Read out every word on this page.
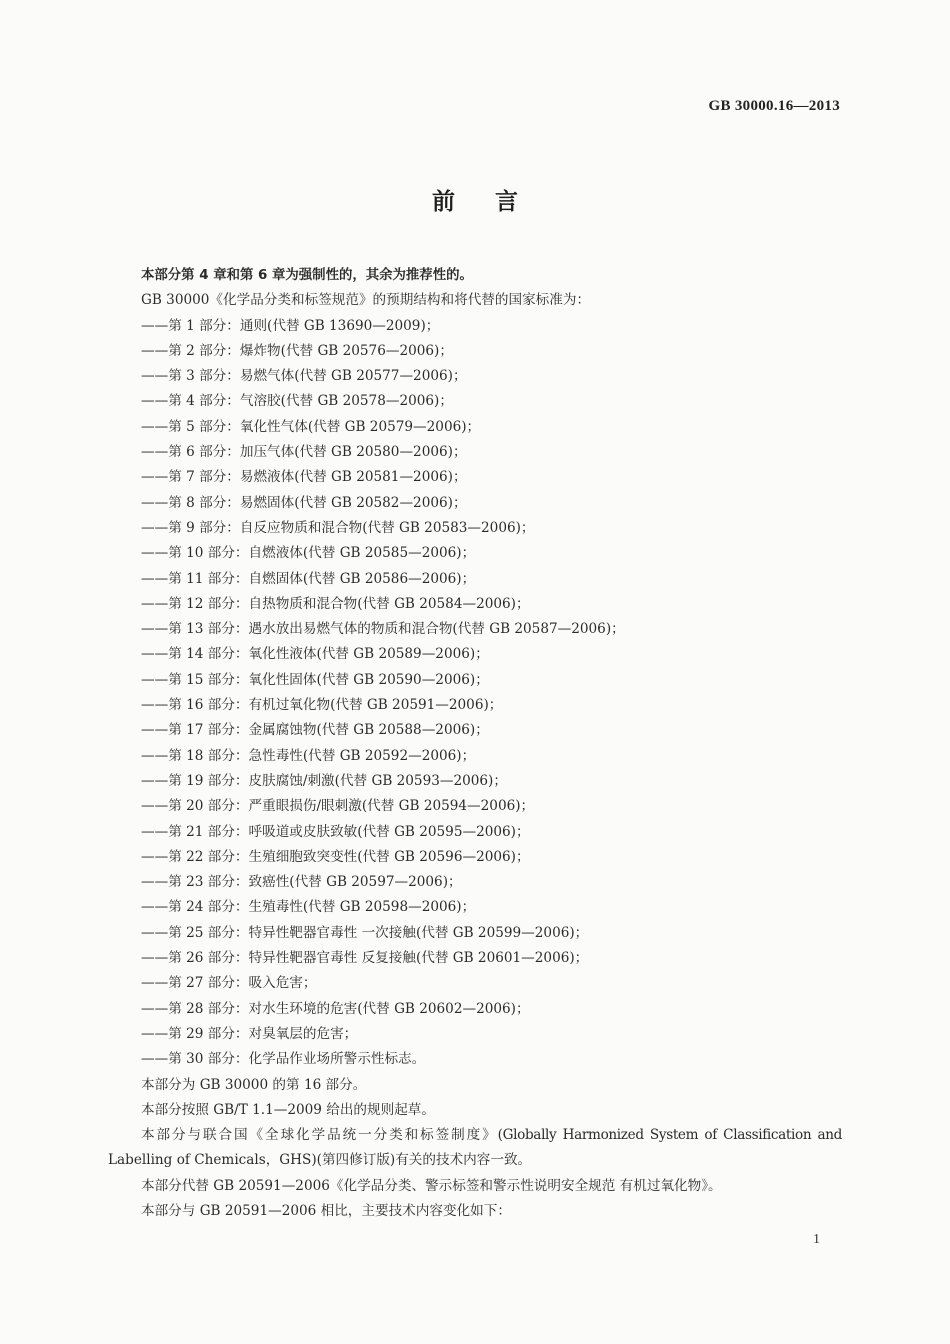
GB 30000.16—2013
前言
本部分第 4 章和第 6 章为强制性的，其余为推荐性的。
GB 30000《化学品分类和标签规范》的预期结构和将代替的国家标准为：
——第 1 部分：通则(代替 GB 13690—2009)；
——第 2 部分：爆炸物(代替 GB 20576—2006)；
——第 3 部分：易燃气体(代替 GB 20577—2006)；
——第 4 部分：气溶胶(代替 GB 20578—2006)；
——第 5 部分：氧化性气体(代替 GB 20579—2006)；
——第 6 部分：加压气体(代替 GB 20580—2006)；
——第 7 部分：易燃液体(代替 GB 20581—2006)；
——第 8 部分：易燃固体(代替 GB 20582—2006)；
——第 9 部分：自反应物质和混合物(代替 GB 20583—2006)；
——第 10 部分：自燃液体(代替 GB 20585—2006)；
——第 11 部分：自燃固体(代替 GB 20586—2006)；
——第 12 部分：自热物质和混合物(代替 GB 20584—2006)；
——第 13 部分：遇水放出易燃气体的物质和混合物(代替 GB 20587—2006)；
——第 14 部分：氧化性液体(代替 GB 20589—2006)；
——第 15 部分：氧化性固体(代替 GB 20590—2006)；
——第 16 部分：有机过氧化物(代替 GB 20591—2006)；
——第 17 部分：金属腐蚀物(代替 GB 20588—2006)；
——第 18 部分：急性毒性(代替 GB 20592—2006)；
——第 19 部分：皮肤腐蚀/刺激(代替 GB 20593—2006)；
——第 20 部分：严重眼损伤/眼刺激(代替 GB 20594—2006)；
——第 21 部分：呼吸道或皮肤致敏(代替 GB 20595—2006)；
——第 22 部分：生殖细胞致突变性(代替 GB 20596—2006)；
——第 23 部分：致癌性(代替 GB 20597—2006)；
——第 24 部分：生殖毒性(代替 GB 20598—2006)；
——第 25 部分：特异性靶器官毒性 一次接触(代替 GB 20599—2006)；
——第 26 部分：特异性靶器官毒性 反复接触(代替 GB 20601—2006)；
——第 27 部分：吸入危害；
——第 28 部分：对水生环境的危害(代替 GB 20602—2006)；
——第 29 部分：对臭氧层的危害；
——第 30 部分：化学品作业场所警示性标志。
本部分为 GB 30000 的第 16 部分。
本部分按照 GB/T 1.1—2009 给出的规则起草。
本部分与联合国《全球化学品统一分类和标签制度》(Globally Harmonized System of Classification and
Labelling of Chemicals，GHS)(第四修订版)有关的技术内容一致。
本部分代替 GB 20591—2006《化学品分类、警示标签和警示性说明安全规范 有机过氧化物》。
本部分与 GB 20591—2006 相比，主要技术内容变化如下：
1
